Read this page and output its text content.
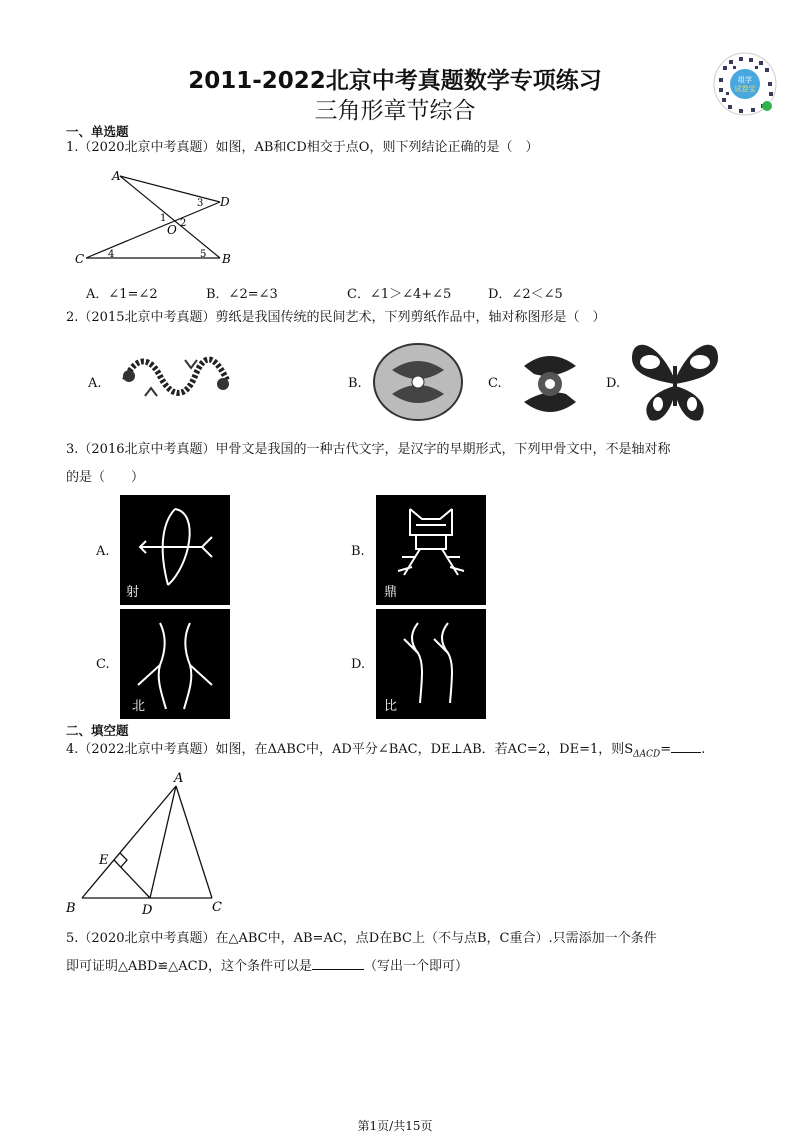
2011-2022北京中考真题数学专项练习
三角形章节综合
组学
试卷宝
一、单选题
1.（2020北京中考真题）如图，AB和CD相交于点O，则下列结论正确的是（　）
A
D
C	B
O
1 2
3
4	5
A．∠1=∠2	B．∠2=∠3	C．∠1＞∠4+∠5	D．∠2＜∠5
2.（2015北京中考真题）剪纸是我国传统的民间艺术，下列剪纸作品中，轴对称图形是（　）
A.	B.	C.	D.
3.（2016北京中考真题）甲骨文是我国的一种古代文字，是汉字的早期形式，下列甲骨文中，不是轴对称
的是（　　）
A.
射
B.
鼎
C.
北
D.
比
二、填空题
4.（2022北京中考真题）如图，在ΔABC中，AD平分∠BAC，DE⊥AB．若AC=2，DE=1，则$S_{\Delta ACD}=$ .
A
B	C
D
E
5.（2020北京中考真题）在△ABC中，AB=AC，点D在BC上（不与点B，C重合）.只需添加一个条件
即可证明△ABD≌△ACD，这个条件可以是	（写出一个即可）
第1页/共15页
